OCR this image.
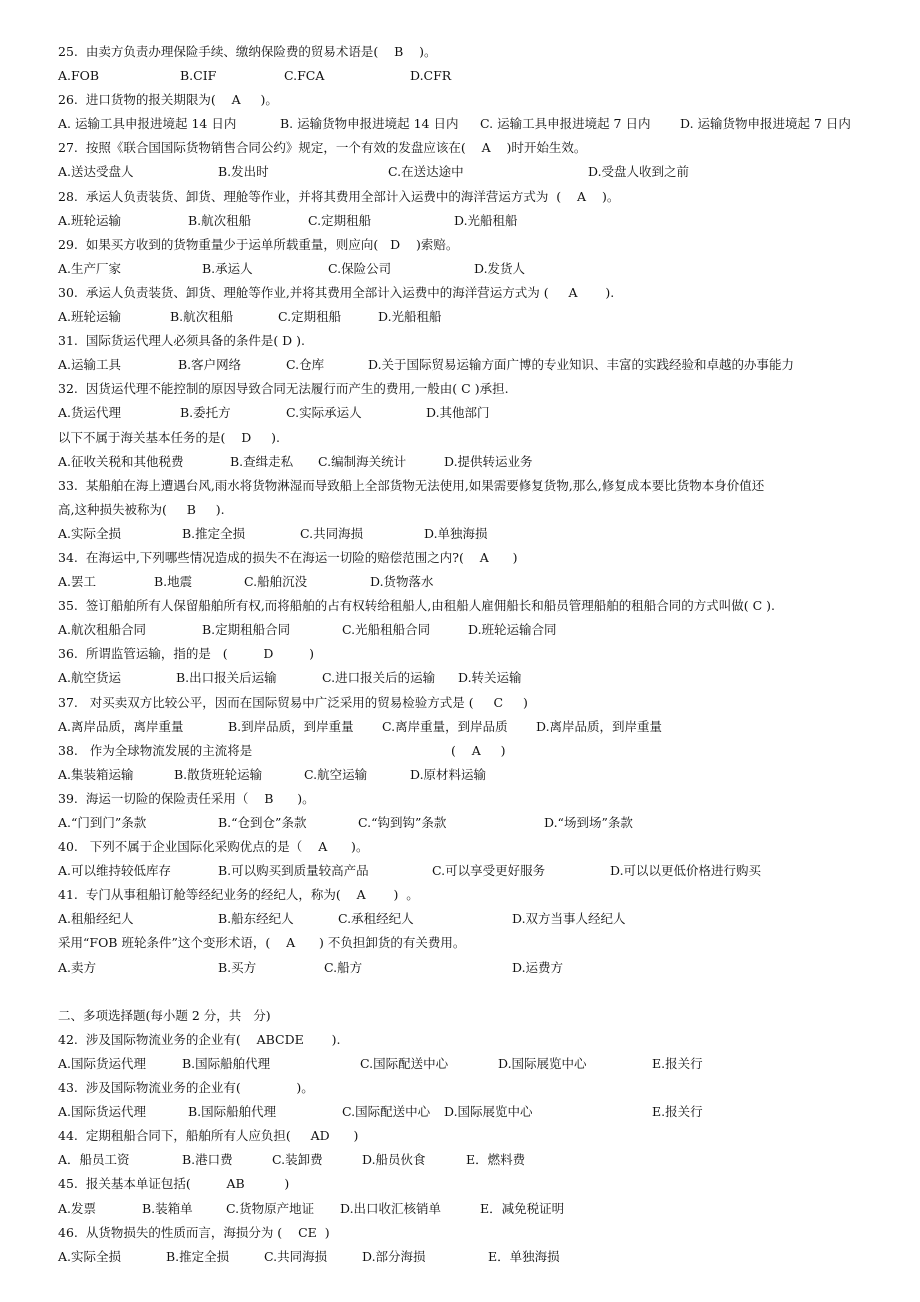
25.  由卖方负责办理保险手续、缴纳保险费的贸易术语是(    B    )。
A.FOB	B.CIF	C.FCA	D.CFR
26.  进口货物的报关期限为(    A     )。
A. 运输工具申报进境起 14 日内	B. 运输货物申报进境起 14 日内	C. 运输工具申报进境起 7 日内	D. 运输货物申报进境起 7 日内
27.  按照《联合国国际货物销售合同公约》规定，一个有效的发盘应该在(    A    )时开始生效。
A.送达受盘人	B.发出时	C.在送达途中	D.受盘人收到之前
28.  承运人负责装货、卸货、理舱等作业，并将其费用全部计入运费中的海洋营运方式为  (    A    )。
A.班轮运输	B.航次租船	C.定期租船	D.光船租船
29.  如果买方收到的货物重量少于运单所载重量，则应向(   D    )索赔。
A.生产厂家	B.承运人	C.保险公司	D.发货人
30.  承运人负责装货、卸货、理舱等作业,并将其费用全部计入运费中的海洋营运方式为 (     A       ).
A.班轮运输	B.航次租船	C.定期租船	D.光船租船
31.  国际货运代理人必须具备的条件是( D ).
A.运输工具	B.客户网络	C.仓库	D.关于国际贸易运输方面广博的专业知识、丰富的实践经验和卓越的办事能力
32.  因货运代理不能控制的原因导致合同无法履行而产生的费用,一般由( C )承担.
A.货运代理	B.委托方	C.实际承运人	D.其他部门
以下不属于海关基本任务的是(    D     ).
A.征收关税和其他税费	B.查缉走私	C.编制海关统计	D.提供转运业务
33.  某船舶在海上遭遇台风,雨水将货物淋湿而导致船上全部货物无法使用,如果需要修复货物,那么,修复成本要比货物本身价值还
高,这种损失被称为(     B     ).
A.实际全损	B.推定全损	C.共同海损	D.单独海损
34.  在海运中,下列哪些情况造成的损失不在海运一切险的赔偿范围之内?(    A      )
A.罢工	B.地震	C.船舶沉没	D.货物落水
35.  签订船舶所有人保留船舶所有权,而将船舶的占有权转给租船人,由租船人雇佣船长和船员管理船舶的租船合同的方式叫做( C ).
A.航次租船合同	B.定期租船合同	C.光船租船合同	D.班轮运输合同
36.  所谓监管运输，指的是   (         D         )
A.航空货运	B.出口报关后运输	C.进口报关后的运输	D.转关运输
37.   对买卖双方比较公平，因而在国际贸易中广泛采用的贸易检验方式是 (     C     )
A.离岸品质，离岸重量	B.到岸品质，到岸重量	C.离岸重量，到岸品质	D.离岸品质，到岸重量
38.   作为全球物流发展的主流将是                                                  (    A     )
A.集装箱运输	B.散货班轮运输	C.航空运输	D.原材料运输
39.  海运一切险的保险责任采用（    B      )。
A.“门到门”条款	B.“仓到仓”条款	C.“钩到钩”条款	D.“场到场”条款
40.   下列不属于企业国际化采购优点的是（    A      )。
A.可以维持较低库存	B.可以购买到质量较高产品	C.可以享受更好服务	D.可以以更低价格进行购买
41.  专门从事租船订舱等经纪业务的经纪人，称为(    A       )  。
A.租船经纪人	B.船东经纪人	C.承租经纪人	D.双方当事人经纪人
采用“FOB 班轮条件”这个变形术语，(    A      ) 不负担卸货的有关费用。
A.卖方	B.买方	C.船方	D.运费方
二、多项选择题(每小题 2 分，共   分)
42.  涉及国际物流业务的企业有(    ABCDE       ).
A.国际货运代理	B.国际船舶代理	C.国际配送中心	D.国际展览中心	E.报关行
43.  涉及国际物流业务的企业有(              )。
A.国际货运代理	B.国际船舶代理	C.国际配送中心	D.国际展览中心	E.报关行
44.  定期租船合同下，船舶所有人应负担(     AD      )
A．船员工资	B.港口费	C.装卸费	D.船员伙食	E．燃料费
45.  报关基本单证包括(         AB          )
A.发票	B.装箱单	C.货物原产地证	D.出口收汇核销单	E．减免税证明
46.  从货物损失的性质而言，海损分为 (    CE  )
A.实际全损	B.推定全损	C.共同海损	D.部分海损	E．单独海损
